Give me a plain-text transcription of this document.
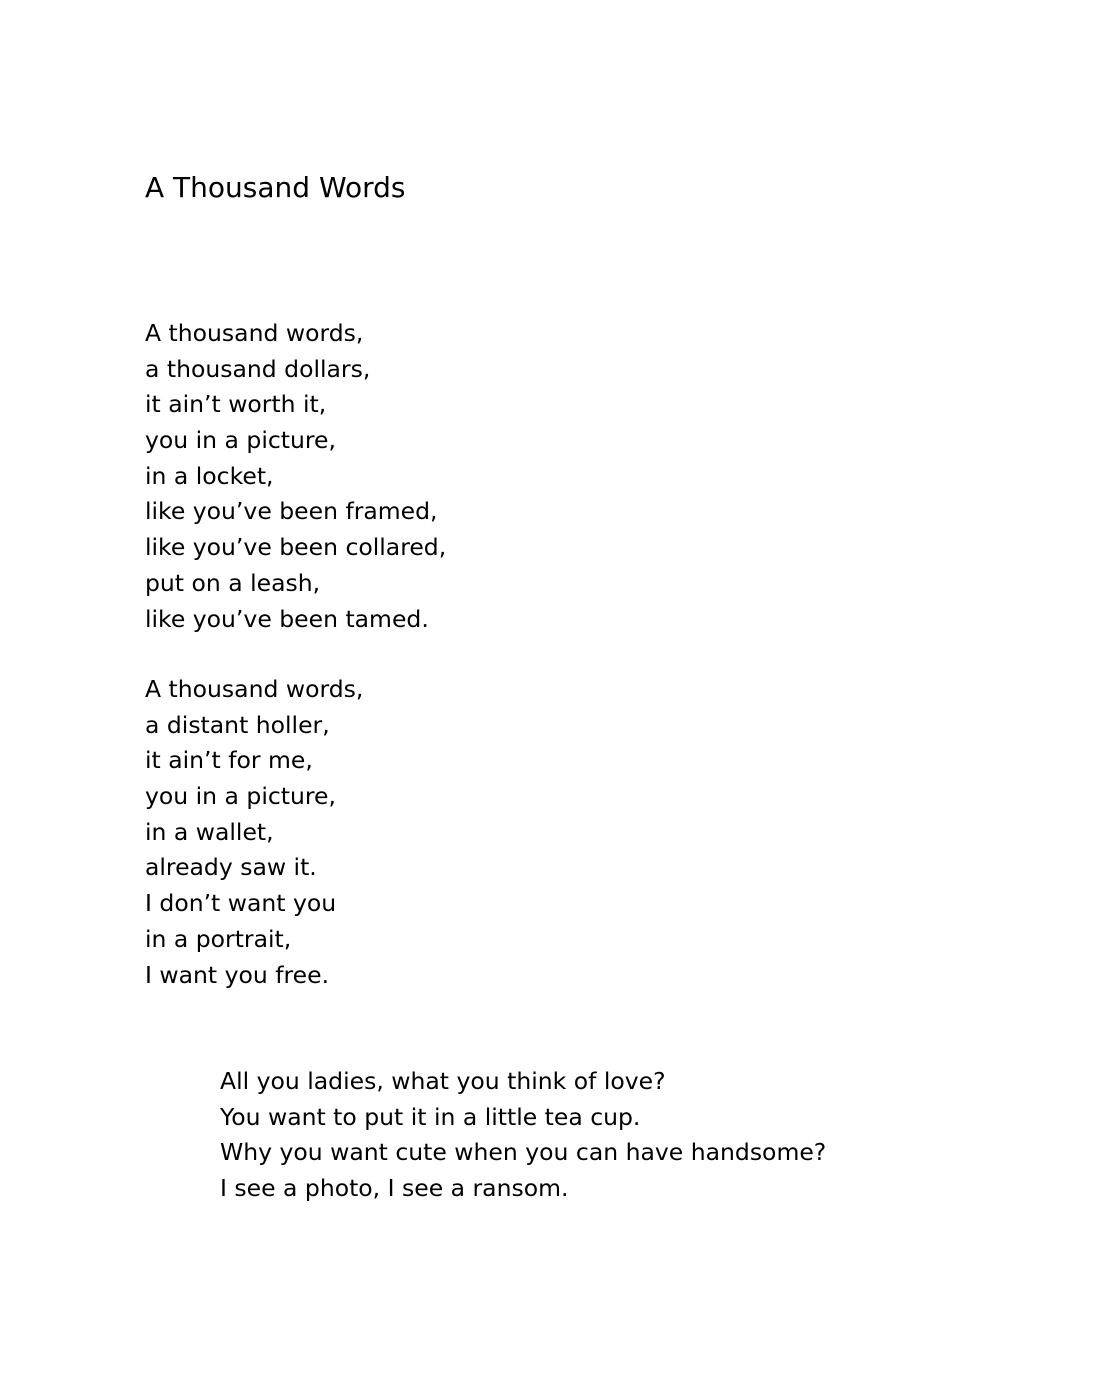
A Thousand Words
A thousand words,
a thousand dollars,
it ain’t worth it,
you in a picture,
in a locket,
like you’ve been framed,
like you’ve been collared,
put on a leash,
like you’ve been tamed.
A thousand words,
a distant holler,
it ain’t for me,
you in a picture,
in a wallet,
already saw it.
I don’t want you
in a portrait,
I want you free.
All you ladies, what you think of love?
You want to put it in a little tea cup.
Why you want cute when you can have handsome?
I see a photo, I see a ransom.
